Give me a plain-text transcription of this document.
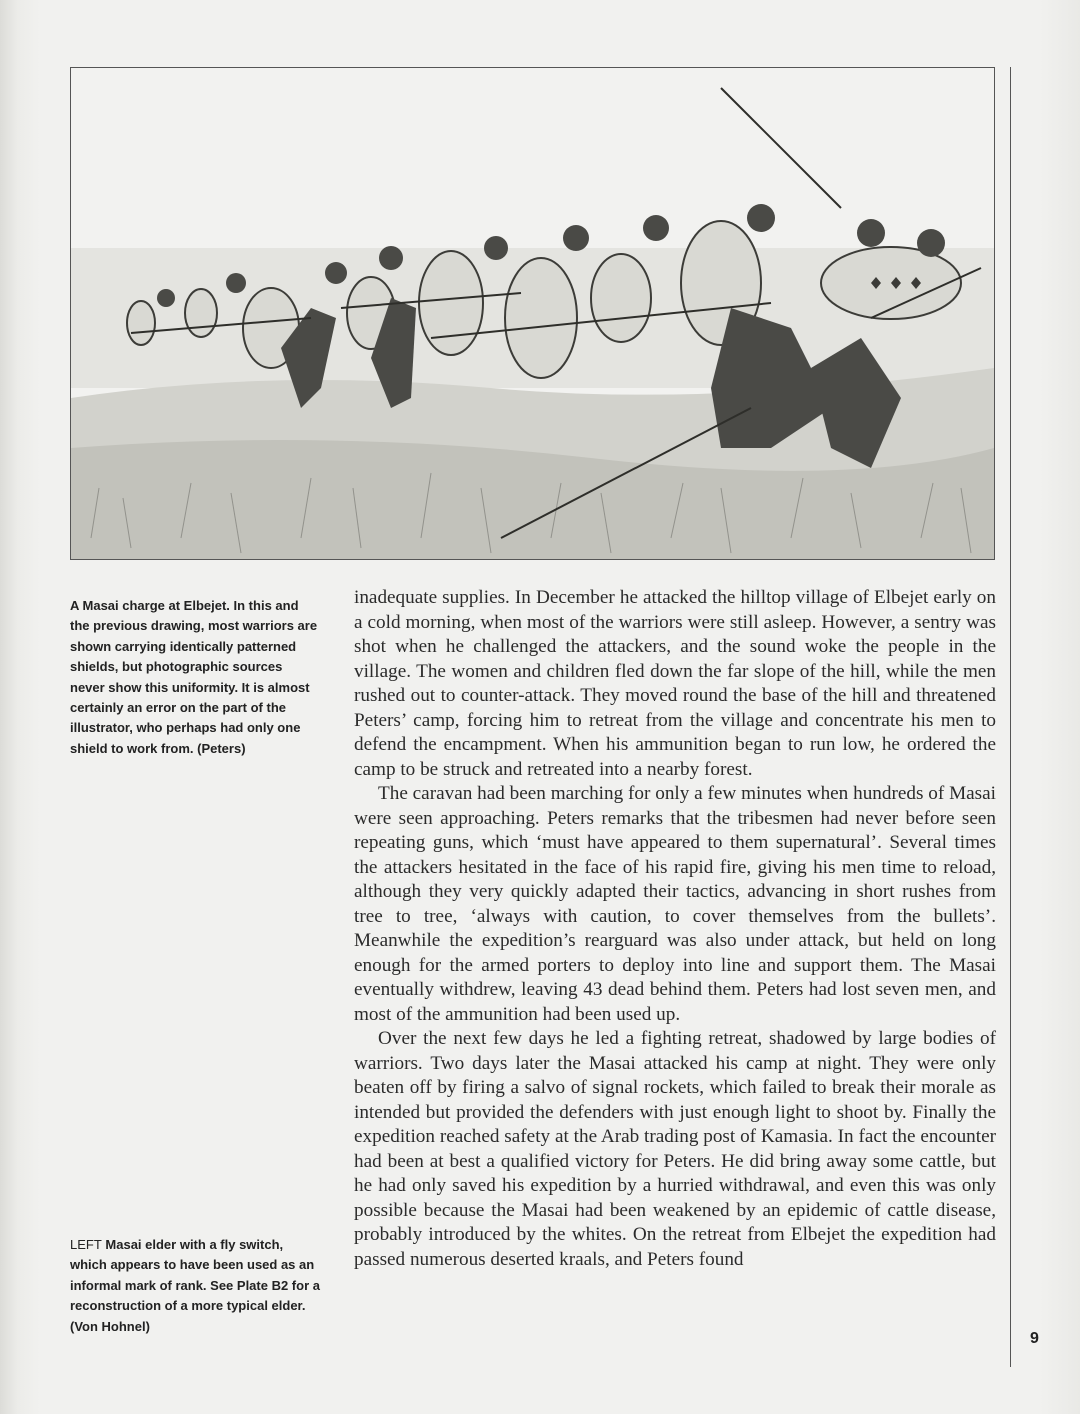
A Masai charge at Elbejet. In this and the previous drawing, most warriors are shown carrying identically patterned shields, but photographic sources never show this uniformity. It is almost certainly an error on the part of the illustrator, who perhaps had only one shield to work from. (Peters)
LEFT Masai elder with a fly switch, which appears to have been used as an informal mark of rank. See Plate B2 for a reconstruction of a more typical elder. (Von Hohnel)

inadequate supplies. In December he attacked the hilltop village of Elbejet early on a cold morning, when most of the warriors were still asleep. However, a sentry was shot when he challenged the attackers, and the sound woke the people in the village. The women and children fled down the far slope of the hill, while the men rushed out to counter-attack. They moved round the base of the hill and threatened Peters’ camp, forcing him to retreat from the village and concentrate his men to defend the encampment. When his ammunition began to run low, he ordered the camp to be struck and retreated into a nearby forest.

The caravan had been marching for only a few minutes when hundreds of Masai were seen approaching. Peters remarks that the tribesmen had never before seen repeating guns, which ‘must have appeared to them supernatural’. Several times the attackers hesitated in the face of his rapid fire, giving his men time to reload, although they very quickly adapted their tactics, advancing in short rushes from tree to tree, ‘always with caution, to cover themselves from the bullets’. Meanwhile the expedition’s rearguard was also under attack, but held on long enough for the armed porters to deploy into line and support them. The Masai eventually withdrew, leaving 43 dead behind them. Peters had lost seven men, and most of the ammunition had been used up.

Over the next few days he led a fighting retreat, shadowed by large bodies of warriors. Two days later the Masai attacked his camp at night. They were only beaten off by firing a salvo of signal rockets, which failed to break their morale as intended but provided the defenders with just enough light to shoot by. Finally the expedition reached safety at the Arab trading post of Kamasia. In fact the encounter had been at best a qualified victory for Peters. He did bring away some cattle, but he had only saved his expedition by a hurried withdrawal, and even this was only possible because the Masai had been weakened by an epidemic of cattle disease, probably introduced by the whites. On the retreat from Elbejet the expedition had passed numerous deserted kraals, and Peters found

9
